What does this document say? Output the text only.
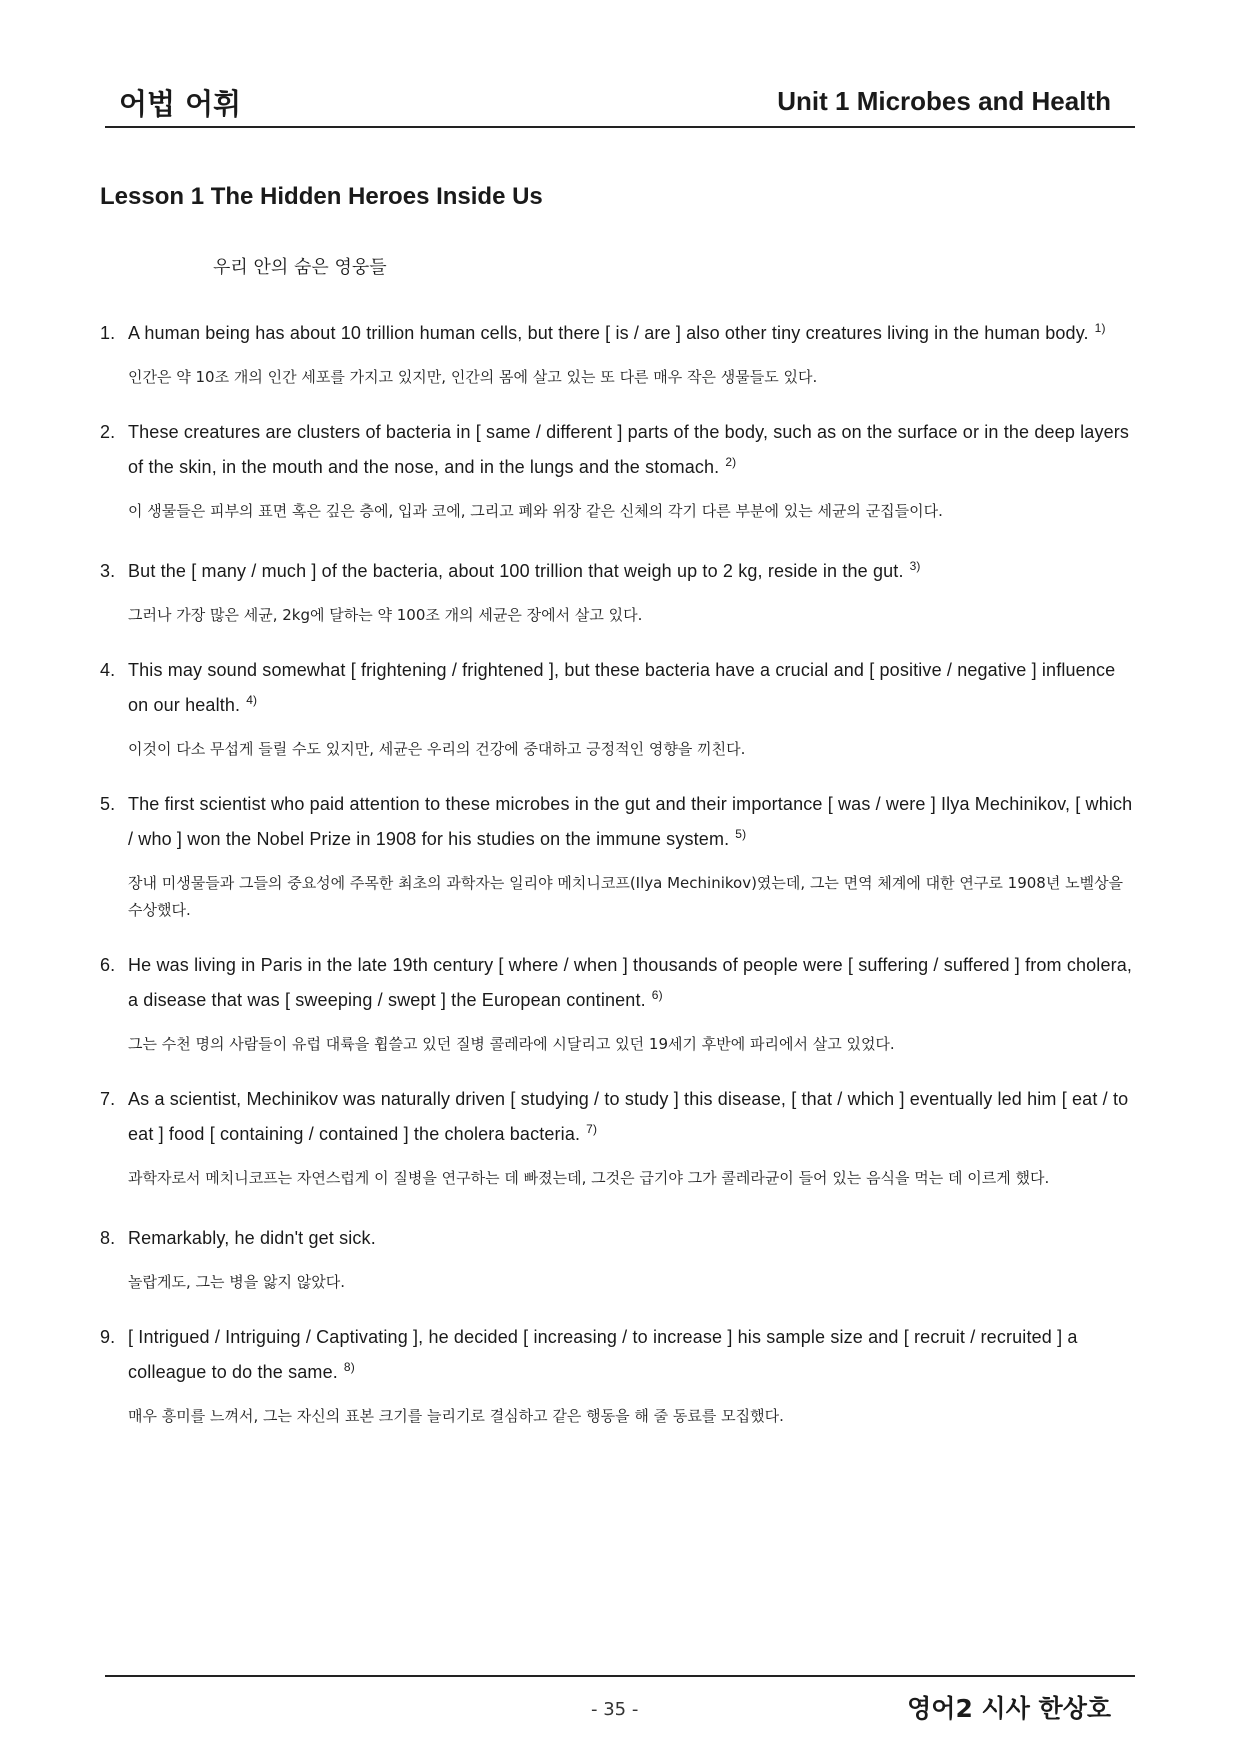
어법 어휘	Unit 1 Microbes and Health
Lesson 1 The Hidden Heroes Inside Us
우리 안의 숨은 영웅들
1. A human being has about 10 trillion human cells, but there [ is / are ] also other tiny creatures living in the human body. $^{1)}$
인간은 약 10조 개의 인간 세포를 가지고 있지만, 인간의 몸에 살고 있는 또 다른 매우 작은 생물들도 있다.
2. These creatures are clusters of bacteria in [ same / different ] parts of the body, such as on the surface or in the deep layers of the skin, in the mouth and the nose, and in the lungs and the stomach. $^{2)}$
이 생물들은 피부의 표면 혹은 깊은 층에, 입과 코에, 그리고 폐와 위장 같은 신체의 각기 다른 부분에 있는 세균의 군집들이다.
3. But the [ many / much ] of the bacteria, about 100 trillion that weigh up to 2 kg, reside in the gut. $^{3)}$
그러나 가장 많은 세균, 2kg에 달하는 약 100조 개의 세균은 장에서 살고 있다.
4. This may sound somewhat [ frightening / frightened ], but these bacteria have a crucial and [ positive / negative ] influence on our health. $^{4)}$
이것이 다소 무섭게 들릴 수도 있지만, 세균은 우리의 건강에 중대하고 긍정적인 영향을 끼친다.
5. The first scientist who paid attention to these microbes in the gut and their importance [ was / were ] Ilya Mechinikov, [ which / who ] won the Nobel Prize in 1908 for his studies on the immune system. $^{5)}$
장내 미생물들과 그들의 중요성에 주목한 최초의 과학자는 일리야 메치니코프(Ilya Mechinikov)였는데, 그는 면역 체계에 대한 연구로 1908년 노벨상을 수상했다.
6. He was living in Paris in the late 19th century [ where / when ] thousands of people were [ suffering / suffered ] from cholera, a disease that was [ sweeping / swept ] the European continent. $^{6)}$
그는 수천 명의 사람들이 유럽 대륙을 휩쓸고 있던 질병 콜레라에 시달리고 있던 19세기 후반에 파리에서 살고 있었다.
7. As a scientist, Mechinikov was naturally driven [ studying / to study ] this disease, [ that / which ] eventually led him [ eat / to eat ] food [ containing / contained ] the cholera bacteria. $^{7)}$
과학자로서 메치니코프는 자연스럽게 이 질병을 연구하는 데 빠졌는데, 그것은 급기야 그가 콜레라균이 들어 있는 음식을 먹는 데 이르게 했다.
8. Remarkably, he didn't get sick.
놀랍게도, 그는 병을 앓지 않았다.
9. [ Intrigued / Intriguing / Captivating ], he decided [ increasing / to increase ] his sample size and [ recruit / recruited ] a colleague to do the same. $^{8)}$
매우 흥미를 느껴서, 그는 자신의 표본 크기를 늘리기로 결심하고 같은 행동을 해 줄 동료를 모집했다.
- 35 -	영어2 시사 한상호
